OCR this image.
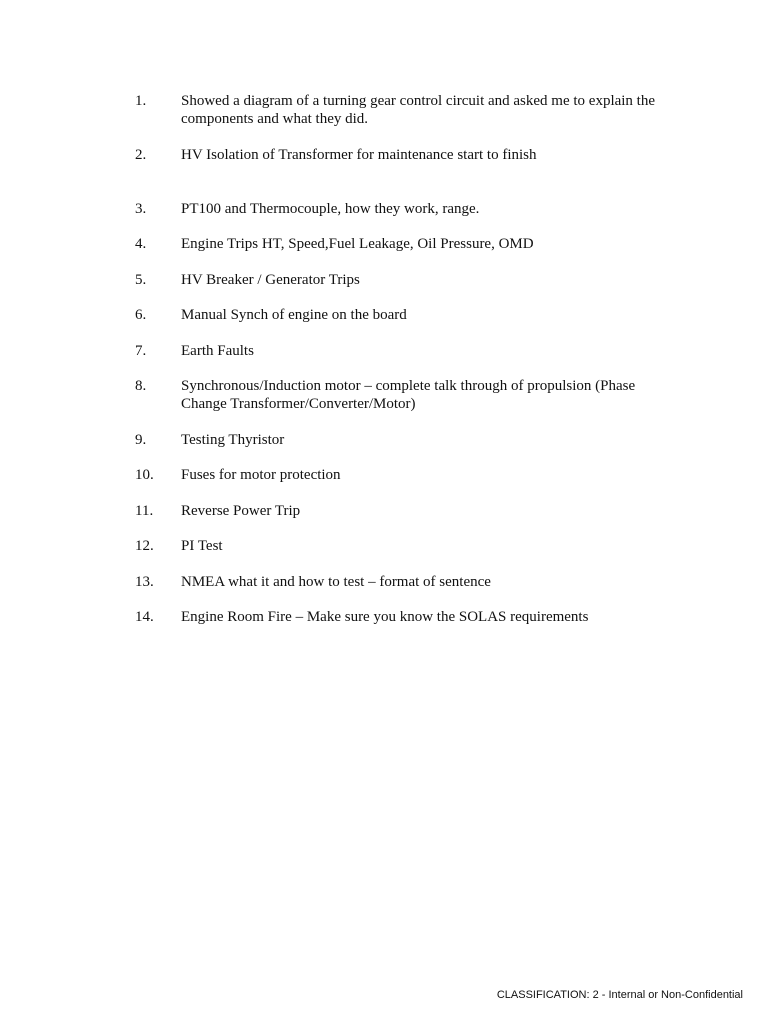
1.	Showed a diagram of a turning gear control circuit and asked me to explain the components and what they did.
2.	HV Isolation of Transformer for maintenance start to finish
3.	PT100 and Thermocouple, how they work, range.
4.	Engine Trips HT, Speed,Fuel Leakage, Oil Pressure, OMD
5.	HV Breaker / Generator Trips
6.	Manual Synch of engine on the board
7.	Earth Faults
8.	Synchronous/Induction motor – complete talk through of propulsion (Phase Change Transformer/Converter/Motor)
9.	Testing Thyristor
10.	Fuses for motor protection
11.	Reverse Power Trip
12.	PI Test
13.	NMEA what it and how to test – format of sentence
14.	Engine Room Fire – Make sure you know the SOLAS requirements
CLASSIFICATION: 2 - Internal or Non-Confidential
